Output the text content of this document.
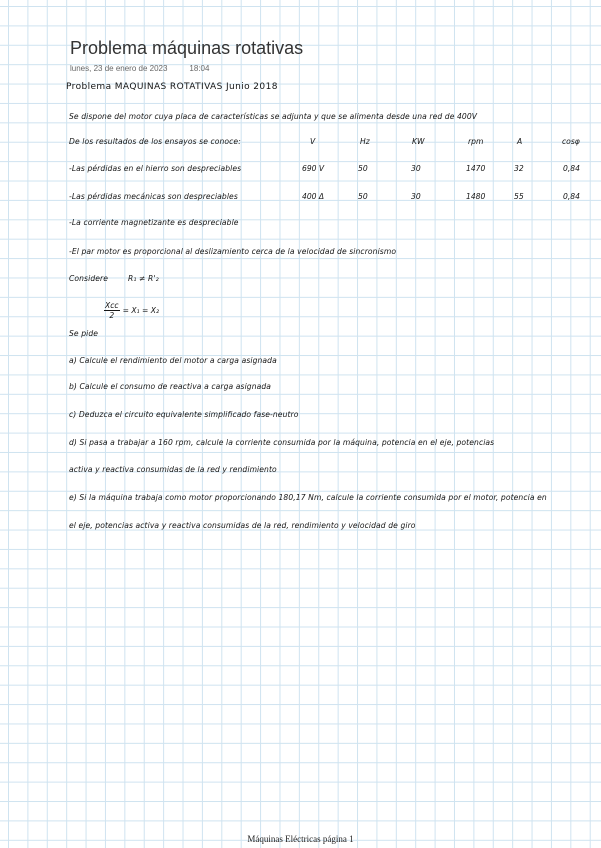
Problema máquinas rotativas
lunes, 23 de enero de 2023	18:04
Problema MAQUINAS ROTATIVAS Junio 2018
Se dispone del motor cuya placa de características se adjunta y que se alimenta desde una red de 400V
De los resultados de los ensayos se conoce:	V	Hz	KW	rpm	A	cosφ
-Las pérdidas en el hierro son despreciables	690 V	50	30	1470	32	0,84
-Las pérdidas mecánicas son despreciables	400 Δ	50	30	1480	55	0,84
-La corriente magnetizante es despreciable
-El par motor es proporcional al deslizamiento cerca de la velocidad de sincronismo
Considere	R₁ ≠ R'₂
Xcc
2
= X₁ = X₂
Se pide
a) Calcule el rendimiento del motor a carga asignada
b) Calcule el consumo de reactiva a carga asignada
c) Deduzca el circuito equivalente simplificado fase-neutro
d) Si pasa a trabajar a 160 rpm, calcule la corriente consumida por la máquina, potencia en el eje, potencias
activa y reactiva consumidas de la red y rendimiento
e) Si la máquina trabaja como motor proporcionando 180,17 Nm, calcule la corriente consumida por el motor, potencia en
el eje, potencias activa y reactiva consumidas de la red, rendimiento y velocidad de giro
Máquinas Eléctricas página 1
